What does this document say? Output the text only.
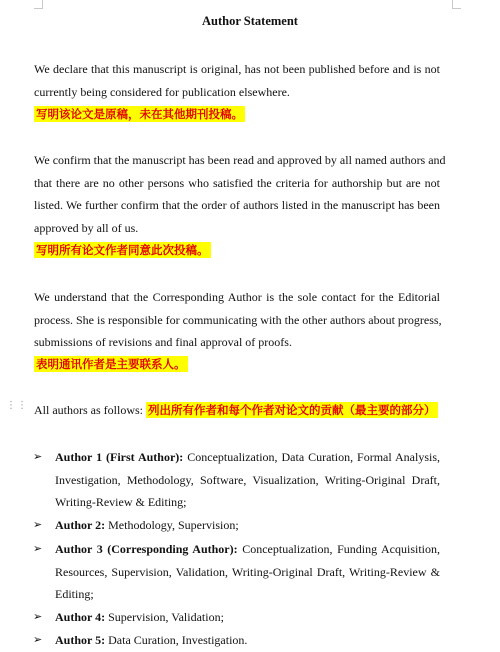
Author Statement
We declare that this manuscript is original, has not been published before and is not
currently being considered for publication elsewhere.
写明该论文是原稿，未在其他期刊投稿。
We confirm that the manuscript has been read and approved by all named authors and
that there are no other persons who satisfied the criteria for authorship but are not
listed. We further confirm that the order of authors listed in the manuscript has been
approved by all of us.
写明所有论文作者同意此次投稿。
We understand that the Corresponding Author is the sole contact for the Editorial
process. She is responsible for communicating with the other authors about progress,
submissions of revisions and final approval of proofs.
表明通讯作者是主要联系人。
⋮⋮ All authors as follows: 列出所有作者和每个作者对论文的贡献（最主要的部分）
➢ Author 1 (First Author): Conceptualization, Data Curation, Formal Analysis,
Investigation, Methodology, Software, Visualization, Writing-Original Draft,
Writing-Review & Editing;
➢ Author 2: Methodology, Supervision;
➢ Author 3 (Corresponding Author): Conceptualization, Funding Acquisition,
Resources, Supervision, Validation, Writing-Original Draft, Writing-Review &
Editing;
➢ Author 4: Supervision, Validation;
➢ Author 5: Data Curation, Investigation.
